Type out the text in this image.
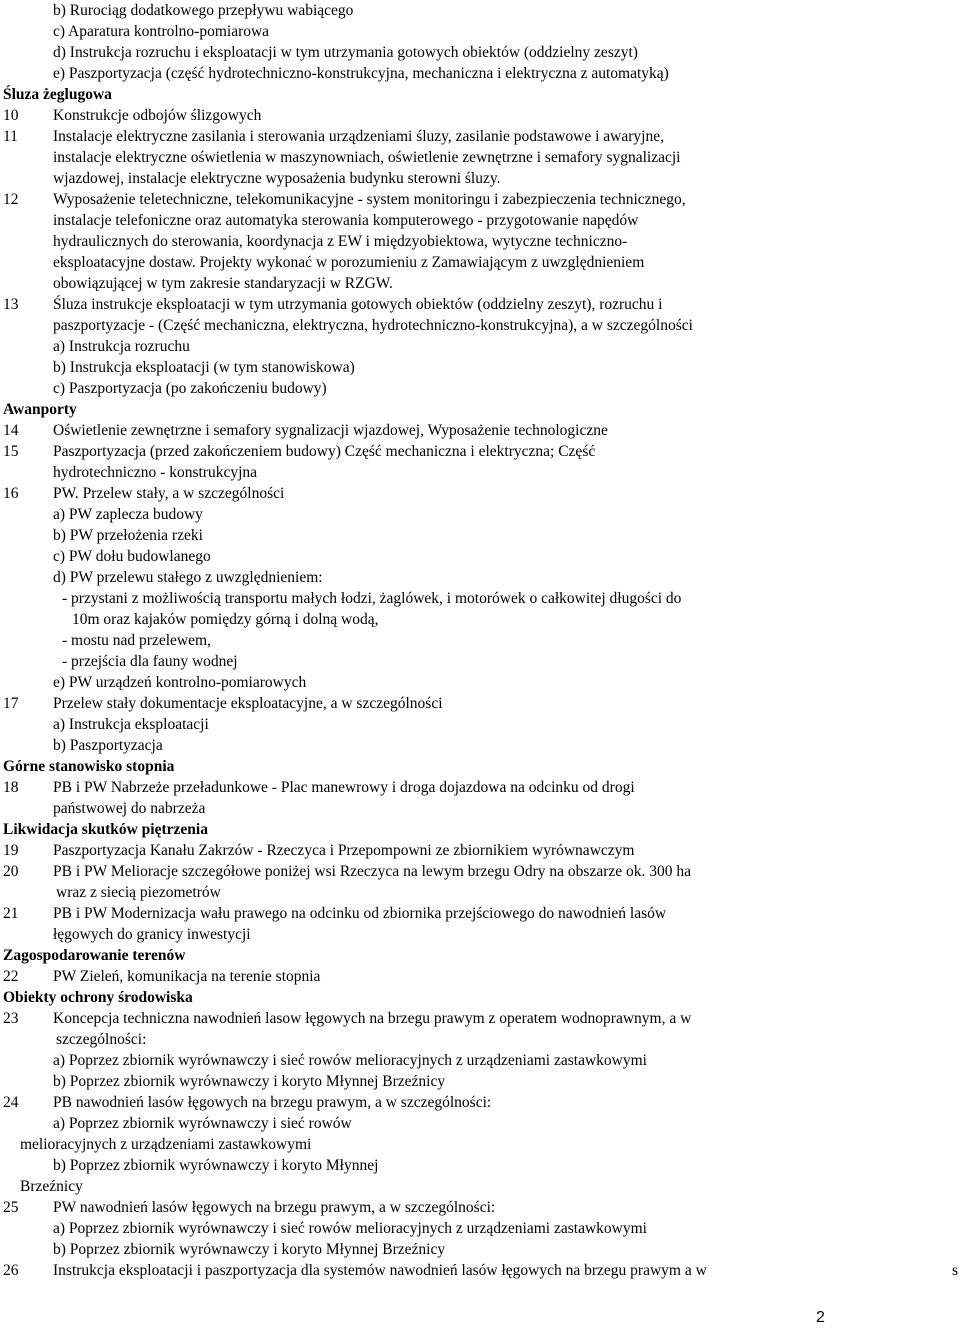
b) Rurociąg dodatkowego przepływu wabiącego
c) Aparatura kontrolno-pomiarowa
d) Instrukcja rozruchu i eksploatacji w tym utrzymania gotowych obiektów (oddzielny zeszyt)
e) Paszportyzacja (część hydrotechniczno-konstrukcyjna, mechaniczna i elektryczna z automatyką)
Śluza żeglugowa
10 Konstrukcje odbojów ślizgowych
11 Instalacje elektryczne zasilania i sterowania urządzeniami śluzy, zasilanie podstawowe i awaryjne,
instalacje elektryczne oświetlenia w maszynowniach, oświetlenie zewnętrzne i semafory sygnalizacji
wjazdowej, instalacje elektryczne wyposażenia budynku sterowni śluzy.
12 Wyposażenie teletechniczne, telekomunikacyjne - system monitoringu i zabezpieczenia technicznego,
instalacje telefoniczne oraz automatyka sterowania komputerowego - przygotowanie napędów
hydraulicznych do sterowania, koordynacja z EW i międzyobiektowa, wytyczne techniczno-
eksploatacyjne dostaw. Projekty wykonać w porozumieniu z Zamawiającym z uwzględnieniem
obowiązującej w tym zakresie standaryzacji w RZGW.
13 Śluza instrukcje eksploatacji w tym utrzymania gotowych obiektów (oddzielny zeszyt), rozruchu i
paszportyzacje - (Część mechaniczna, elektryczna, hydrotechniczno-konstrukcyjna), a w szczególności
a) Instrukcja rozruchu
b) Instrukcja eksploatacji (w tym stanowiskowa)
c) Paszportyzacja (po zakończeniu budowy)
Awanporty
14 Oświetlenie zewnętrzne i semafory sygnalizacji wjazdowej, Wyposażenie technologiczne
15 Paszportyzacja (przed zakończeniem budowy) Część mechaniczna i elektryczna; Część
hydrotechniczno - konstrukcyjna
16 PW. Przelew stały, a w szczególności
a) PW zaplecza budowy
b) PW przełożenia rzeki
c) PW dołu budowlanego
d) PW przelewu stałego z uwzględnieniem:
- przystani z możliwością transportu małych łodzi, żaglówek, i motorówek o całkowitej długości do
10m oraz kajaków pomiędzy górną i dolną wodą,
- mostu nad przelewem,
- przejścia dla fauny wodnej
e) PW urządzeń kontrolno-pomiarowych
17 Przelew stały dokumentacje eksploatacyjne, a w szczególności
a) Instrukcja eksploatacji
b) Paszportyzacja
Górne stanowisko stopnia
18 PB i PW Nabrzeże przeładunkowe - Plac manewrowy i droga dojazdowa na odcinku od drogi
państwowej do nabrzeża
Likwidacja skutków piętrzenia
19 Paszportyzacja Kanału Zakrzów - Rzeczyca i Przepompowni ze zbiornikiem wyrównawczym
20 PB i PW Melioracje szczegółowe poniżej wsi Rzeczyca na lewym brzegu Odry na obszarze ok. 300 ha
wraz z siecią piezometrów
21 PB i PW Modernizacja wału prawego na odcinku od zbiornika przejściowego do nawodnień lasów
łęgowych do granicy inwestycji
Zagospodarowanie terenów
22 PW Zieleń, komunikacja na terenie stopnia
Obiekty ochrony środowiska
23 Koncepcja techniczna nawodnień lasow łęgowych na brzegu prawym z operatem wodnoprawnym, a w
szczególności:
a) Poprzez zbiornik wyrównawczy i sieć rowów melioracyjnych z urządzeniami zastawkowymi
b) Poprzez zbiornik wyrównawczy i koryto Młynnej Brzeźnicy
24 PB nawodnień lasów łęgowych na brzegu prawym, a w szczególności:
a) Poprzez zbiornik wyrównawczy i sieć rowów
melioracyjnych z urządzeniami zastawkowymi
b) Poprzez zbiornik wyrównawczy i koryto Młynnej
Brzeźnicy
25 PW nawodnień lasów łęgowych na brzegu prawym, a w szczególności:
a) Poprzez zbiornik wyrównawczy i sieć rowów melioracyjnych z urządzeniami zastawkowymi
b) Poprzez zbiornik wyrównawczy i koryto Młynnej Brzeźnicy
26 Instrukcja eksploatacji i paszportyzacja dla systemów nawodnień lasów łęgowych na brzegu prawym a w	s
2
